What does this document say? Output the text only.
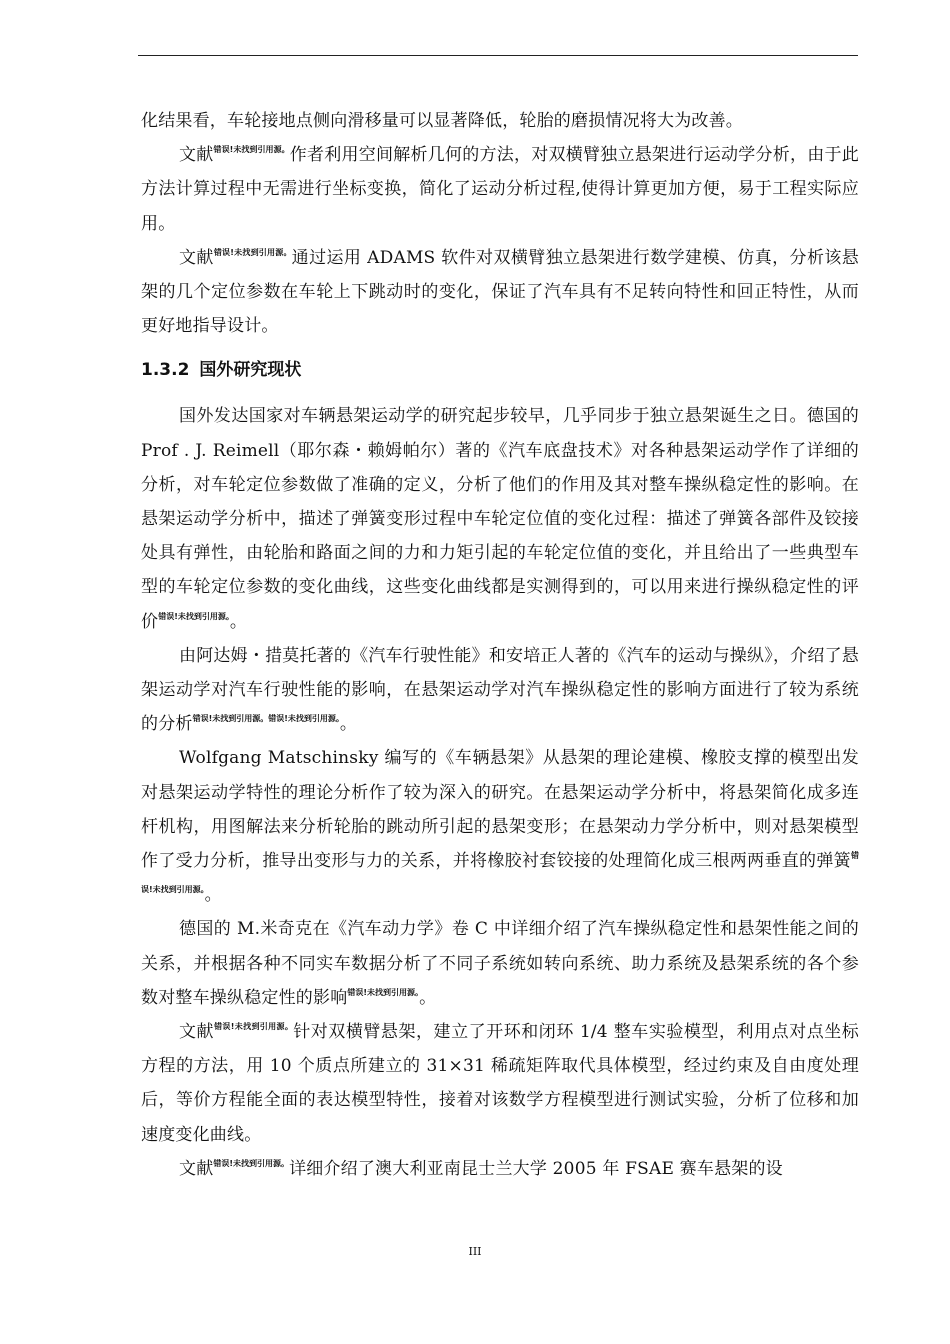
化结果看，车轮接地点侧向滑移量可以显著降低，轮胎的磨损情况将大为改善。

文献$^{错误!未找到引用源。}$作者利用空间解析几何的方法，对双横臂独立悬架进行运动学分析，由于此方法计算过程中无需进行坐标变换，简化了运动分析过程,使得计算更加方便，易于工程实际应用。

文献$^{错误!未找到引用源。}$通过运用 ADAMS 软件对双横臂独立悬架进行数学建模、仿真，分析该悬架的几个定位参数在车轮上下跳动时的变化，保证了汽车具有不足转向特性和回正特性，从而更好地指导设计。

1.3.2 国外研究现状

国外发达国家对车辆悬架运动学的研究起步较早，几乎同步于独立悬架诞生之日。德国的 Prof . J. Reimell（耶尔森・赖姆帕尔）著的《汽车底盘技术》对各种悬架运动学作了详细的分析，对车轮定位参数做了准确的定义，分析了他们的作用及其对整车操纵稳定性的影响。在悬架运动学分析中，描述了弹簧变形过程中车轮定位值的变化过程：描述了弹簧各部件及铰接处具有弹性，由轮胎和路面之间的力和力矩引起的车轮定位值的变化，并且给出了一些典型车型的车轮定位参数的变化曲线，这些变化曲线都是实测得到的，可以用来进行操纵稳定性的评价$^{错误!未找到引用源。}$。

由阿达姆・措莫托著的《汽车行驶性能》和安培正人著的《汽车的运动与操纵》，介绍了悬架运动学对汽车行驶性能的影响，在悬架运动学对汽车操纵稳定性的影响方面进行了较为系统的分析$^{错误!未找到引用源。错误!未找到引用源。}$。

Wolfgang Matschinsky 编写的《车辆悬架》从悬架的理论建模、橡胶支撑的模型出发对悬架运动学特性的理论分析作了较为深入的研究。在悬架运动学分析中，将悬架简化成多连杆机构，用图解法来分析轮胎的跳动所引起的悬架变形；在悬架动力学分析中，则对悬架模型作了受力分析，推导出变形与力的关系，并将橡胶衬套铰接的处理简化成三根两两垂直的弹簧$^{错误!未找到引用源。}$。

德国的 M.米奇克在《汽车动力学》卷 C 中详细介绍了汽车操纵稳定性和悬架性能之间的关系，并根据各种不同实车数据分析了不同子系统如转向系统、助力系统及悬架系统的各个参数对整车操纵稳定性的影响$^{错误!未找到引用源。}$。

文献$^{错误!未找到引用源。}$针对双横臂悬架，建立了开环和闭环 1/4 整车实验模型，利用点对点坐标方程的方法，用 10 个质点所建立的 31×31 稀疏矩阵取代具体模型，经过约束及自由度处理后，等价方程能全面的表达模型特性，接着对该数学方程模型进行测试实验，分析了位移和加速度变化曲线。

文献$^{错误!未找到引用源。}$详细介绍了澳大利亚南昆士兰大学 2005 年 FSAE 赛车悬架的设

III
